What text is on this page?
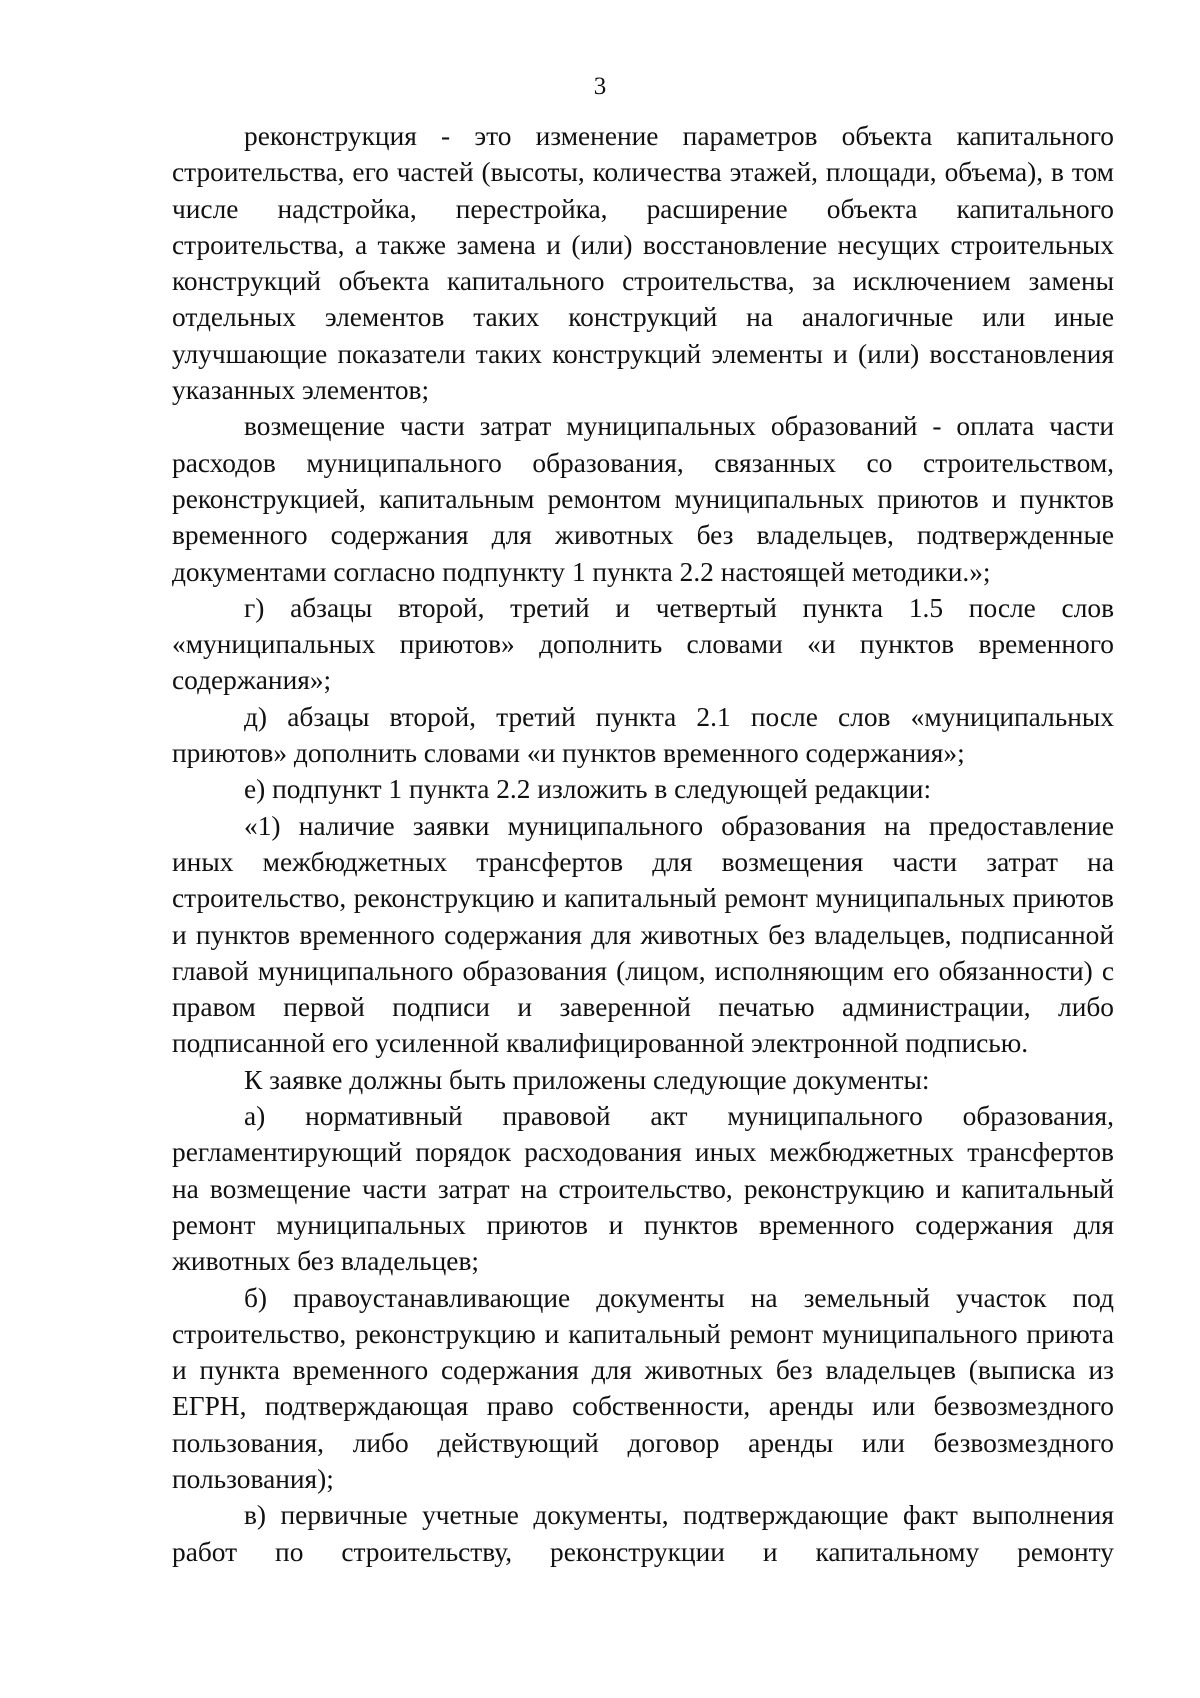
3

реконструкция - это изменение параметров объекта капитального строительства, его частей (высоты, количества этажей, площади, объема), в том числе надстройка, перестройка, расширение объекта капитального строительства, а также замена и (или) восстановление несущих строительных конструкций объекта капитального строительства, за исключением замены отдельных элементов таких конструкций на аналогичные или иные улучшающие показатели таких конструкций элементы и (или) восстановления указанных элементов;

возмещение части затрат муниципальных образований - оплата части расходов муниципального образования, связанных со строительством, реконструкцией, капитальным ремонтом муниципальных приютов и пунктов временного содержания для животных без владельцев, подтвержденные документами согласно подпункту 1 пункта 2.2 настоящей методики.»;

г) абзацы второй, третий и четвертый пункта 1.5 после слов «муниципальных приютов» дополнить словами «и пунктов временного содержания»;

д) абзацы второй, третий пункта 2.1 после слов «муниципальных приютов» дополнить словами «и пунктов временного содержания»;

е) подпункт 1 пункта 2.2 изложить в следующей редакции:

«1) наличие заявки муниципального образования на предоставление иных межбюджетных трансфертов для возмещения части затрат на строительство, реконструкцию и капитальный ремонт муниципальных приютов и пунктов временного содержания для животных без владельцев, подписанной главой муниципального образования (лицом, исполняющим его обязанности) с правом первой подписи и заверенной печатью администрации, либо подписанной его усиленной квалифицированной электронной подписью.

К заявке должны быть приложены следующие документы:

а) нормативный правовой акт муниципального образования, регламентирующий порядок расходования иных межбюджетных трансфертов на возмещение части затрат на строительство, реконструкцию и капитальный ремонт муниципальных приютов и пунктов временного содержания для животных без владельцев;

б) правоустанавливающие документы на земельный участок под строительство, реконструкцию и капитальный ремонт муниципального приюта и пункта временного содержания для животных без владельцев (выписка из ЕГРН, подтверждающая право собственности, аренды или безвозмездного пользования, либо действующий договор аренды или безвозмездного пользования);

в) первичные учетные документы, подтверждающие факт выполнения работ по строительству, реконструкции и капитальному ремонту
